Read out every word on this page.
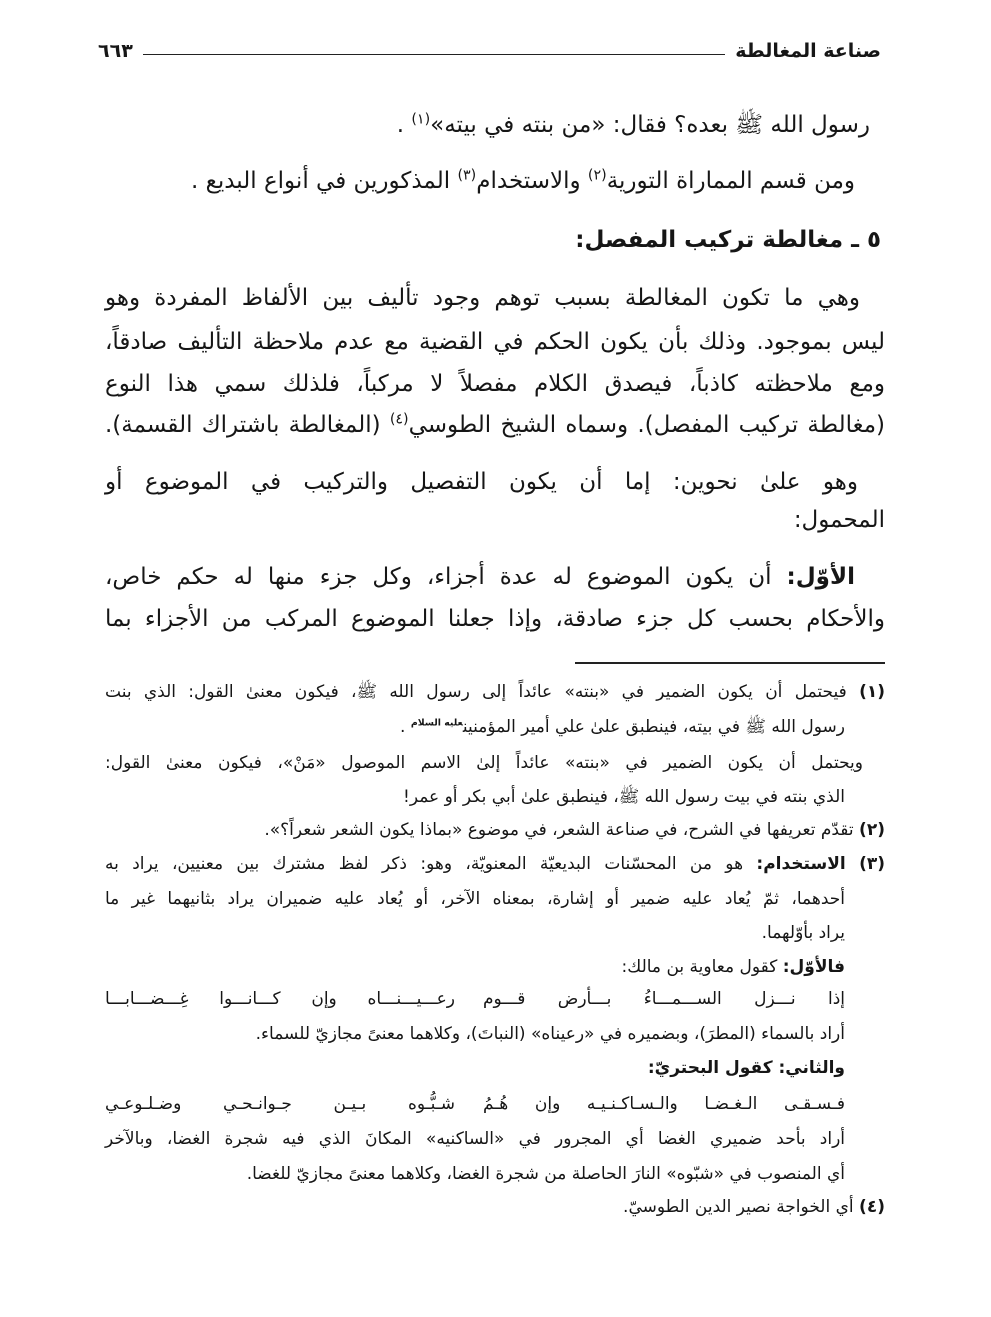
صناعة المغالطة
٦٦٣
رسول الله ﷺ بعده؟ فقال: «من بنته في بيته»$^{(١)}$ .
ومن قسم المماراة التورية$^{(٢)}$ والاستخدام$^{(٣)}$ المذكورين في أنواع البديع .
٥ ـ مغالطة تركيب المفصل:
وهي ما تكون المغالطة بسبب توهم وجود تأليف بين الألفاظ المفردة وهو
ليس بموجود. وذلك بأن يكون الحكم في القضية مع عدم ملاحظة التأليف صادقاً،
ومع ملاحظته كاذباً، فيصدق الكلام مفصلاً لا مركباً، فلذلك سمي هذا النوع
(مغالطة تركيب المفصل). وسماه الشيخ الطوسي$^{(٤)}$ (المغالطة باشتراك القسمة).
وهو علىٰ نحوين: إما أن يكون التفصيل والتركيب في الموضوع أو
المحمول:
الأوّل: أن يكون الموضوع له عدة أجزاء، وكل جزء منها له حكم خاص،
والأحكام بحسب كل جزء صادقة، وإذا جعلنا الموضوع المركب من الأجزاء بما
(١) فيحتمل أن يكون الضمير في «بنته» عائداً إلى رسول الله ﷺ، فيكون معنىٰ القول: الذي بنت
رسول الله ﷺ في بيته، فينطبق علىٰ علي أمير المؤمنين$^{عليه السلام}$ .
ويحتمل أن يكون الضمير في «بنته» عائداً إلىٰ الاسم الموصول «مَنْ»، فيكون معنىٰ القول:
الذي بنته في بيت رسول الله ﷺ، فينطبق علىٰ أبي بكر أو عمر!
(٢) تقدّم تعريفها في الشرح، في صناعة الشعر، في موضوع «بماذا يكون الشعر شعراً؟».
(٣) الاستخدام: هو من المحسّنات البديعيّة المعنويّة، وهو: ذكر لفظ مشترك بين معنيين، يراد به
أحدهما، ثمّ يُعاد عليه ضمير أو إشارة، بمعناه الآخر، أو يُعاد عليه ضميران يراد بثانيهما غير ما
يراد بأوّلهما.
فالأوّل: كقول معاوية بن مالك:
إذا نـــزل الســـمـــاءُ بـــأرض قـــوم
رعـــيـــنـــاه وإن كـــانـــوا غِـــضـــابـــا
أراد بالسماء (المطرَ)، وبضميره في «رعيناه» (النباتَ)، وكلاهما معنىً مجازيّ للسماء.
والثاني: كقول البحتريّ:
فـسـقـى الـغـضـا والـسـاكـنـيـه وإن هُـمُ
شـبُّـوه بـيـن جـوانـحـي وضـلـوعـي
أراد بأحد ضميري الغضا أي المجرور في «الساكنيه» المكانَ الذي فيه شجرة الغضا، وبالآخر
أي المنصوب في «شبّوه» النارَ الحاصلة من شجرة الغضا، وكلاهما معنىً مجازيّ للغضا.
(٤) أي الخواجة نصير الدين الطوسيّ.
